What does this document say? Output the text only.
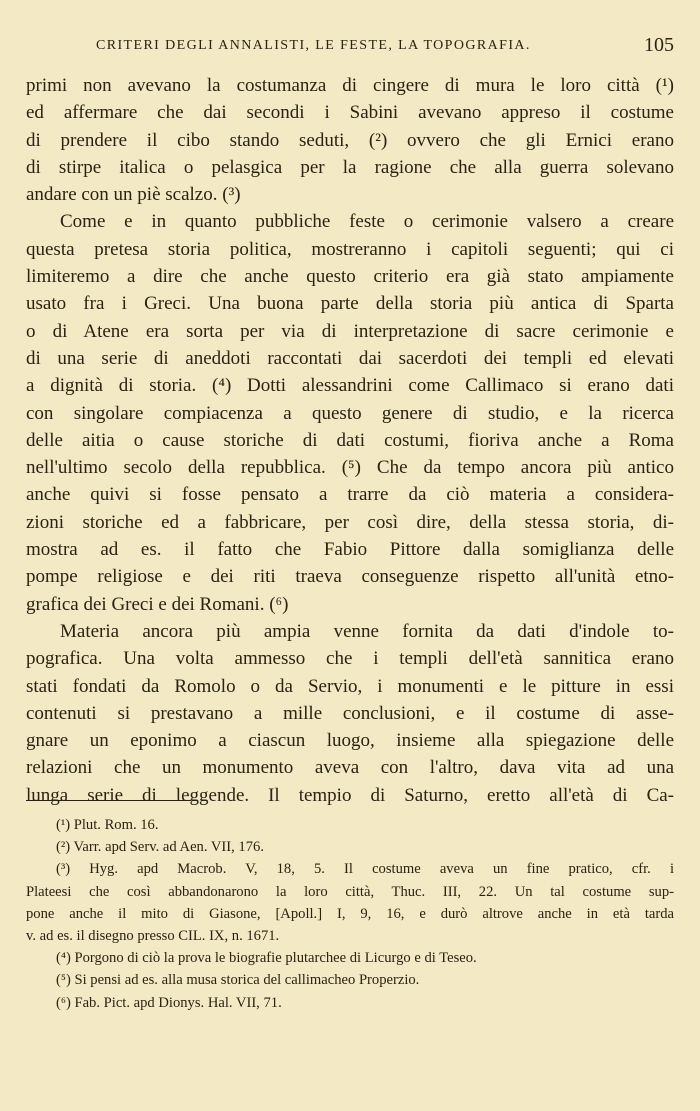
CRITERI DEGLI ANNALISTI, LE FESTE, LA TOPOGRAFIA.	105

primi non avevano la costumanza di cingere di mura le loro città (¹)
ed affermare che dai secondi i Sabini avevano appreso il costume
di prendere il cibo stando seduti, (²) ovvero che gli Ernici erano
di stirpe italica o pelasgica per la ragione che alla guerra solevano
andare con un piè scalzo. (³)

Come e in quanto pubbliche feste o cerimonie valsero a creare
questa pretesa storia politica, mostreranno i capitoli seguenti; qui ci
limiteremo a dire che anche questo criterio era già stato ampiamente
usato fra i Greci. Una buona parte della storia più antica di Sparta
o di Atene era sorta per via di interpretazione di sacre cerimonie e
di una serie di aneddoti raccontati dai sacerdoti dei templi ed elevati
a dignità di storia. (⁴) Dotti alessandrini come Callimaco si erano dati
con singolare compiacenza a questo genere di studio, e la ricerca
delle aitia o cause storiche di dati costumi, fioriva anche a Roma
nell'ultimo secolo della repubblica. (⁵) Che da tempo ancora più antico
anche quivi si fosse pensato a trarre da ciò materia a considera-
zioni storiche ed a fabbricare, per così dire, della stessa storia, di-
mostra ad es. il fatto che Fabio Pittore dalla somiglianza delle
pompe religiose e dei riti traeva conseguenze rispetto all'unità etno-
grafica dei Greci e dei Romani. (⁶)

Materia ancora più ampia venne fornita da dati d'indole to-
pografica. Una volta ammesso che i templi dell'età sannitica erano
stati fondati da Romolo o da Servio, i monumenti e le pitture in essi
contenuti si prestavano a mille conclusioni, e il costume di asse-
gnare un eponimo a ciascun luogo, insieme alla spiegazione delle
relazioni che un monumento aveva con l'altro, dava vita ad una
lunga serie di leggende. Il tempio di Saturno, eretto all'età di Ca-

(¹) Plut. Rom. 16.
(²) Varr. apd Serv. ad Aen. VII, 176.
(³) Hyg. apd Macrob. V, 18, 5. Il costume aveva un fine pratico, cfr. i
Plateesi che così abbandonarono la loro città, Thuc. III, 22. Un tal costume sup-
pone anche il mito di Giasone, [Apoll.] I, 9, 16, e durò altrove anche in età tarda
v. ad es. il disegno presso CIL. IX, n. 1671.
(⁴) Porgono di ciò la prova le biografie plutarchee di Licurgo e di Teseo.
(⁵) Si pensi ad es. alla musa storica del callimacheo Properzio.
(⁶) Fab. Pict. apd Dionys. Hal. VII, 71.
